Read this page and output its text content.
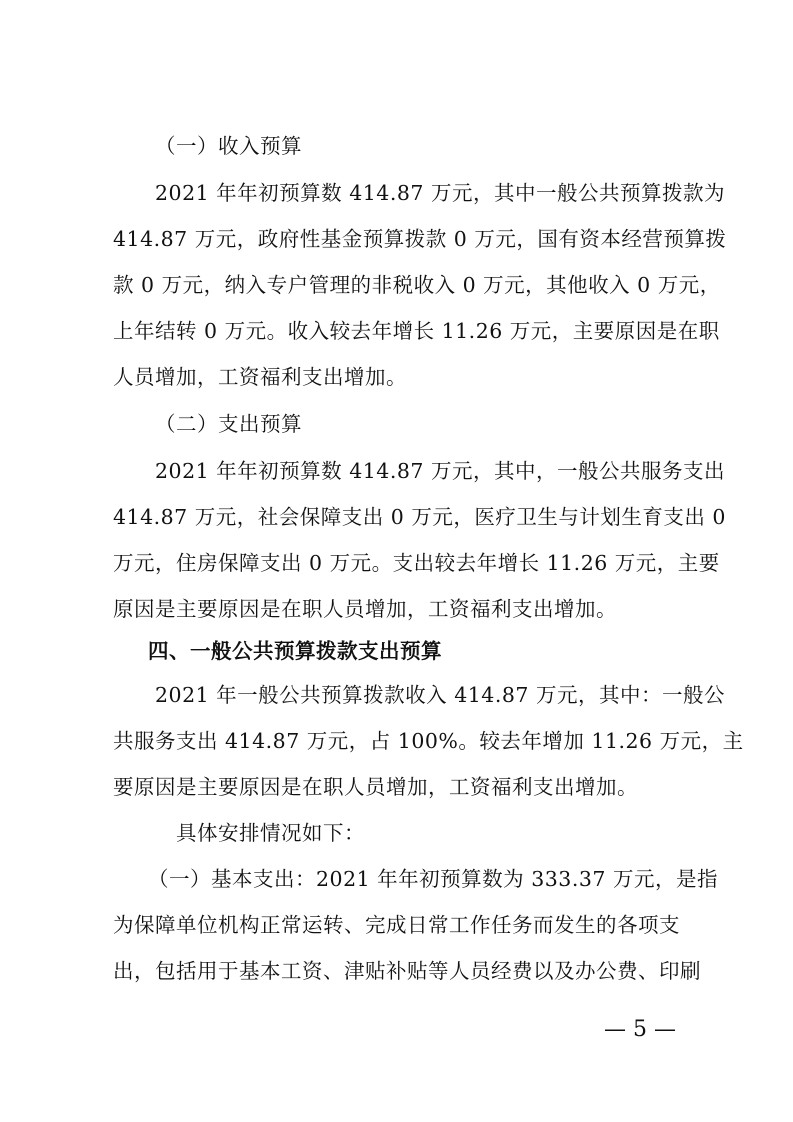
（一）收入预算
2021 年年初预算数 414.87 万元，其中一般公共预算拨款为
414.87 万元，政府性基金预算拨款 0 万元，国有资本经营预算拨
款 0 万元，纳入专户管理的非税收入 0 万元，其他收入 0 万元，
上年结转 0 万元。收入较去年增长 11.26 万元，主要原因是在职
人员增加，工资福利支出增加。
（二）支出预算
2021 年年初预算数 414.87 万元，其中，一般公共服务支出
414.87 万元，社会保障支出 0 万元，医疗卫生与计划生育支出 0
万元，住房保障支出 0 万元。支出较去年增长 11.26 万元，主要
原因是主要原因是在职人员增加，工资福利支出增加。
四、一般公共预算拨款支出预算
2021 年一般公共预算拨款收入 414.87 万元，其中：一般公
共服务支出 414.87 万元，占 100%。较去年增加 11.26 万元，主
要原因是主要原因是在职人员增加，工资福利支出增加。
具体安排情况如下：
（一）基本支出：2021 年年初预算数为 333.37 万元，是指
为保障单位机构正常运转、完成日常工作任务而发生的各项支
出，包括用于基本工资、津贴补贴等人员经费以及办公费、印刷
— 5 —
